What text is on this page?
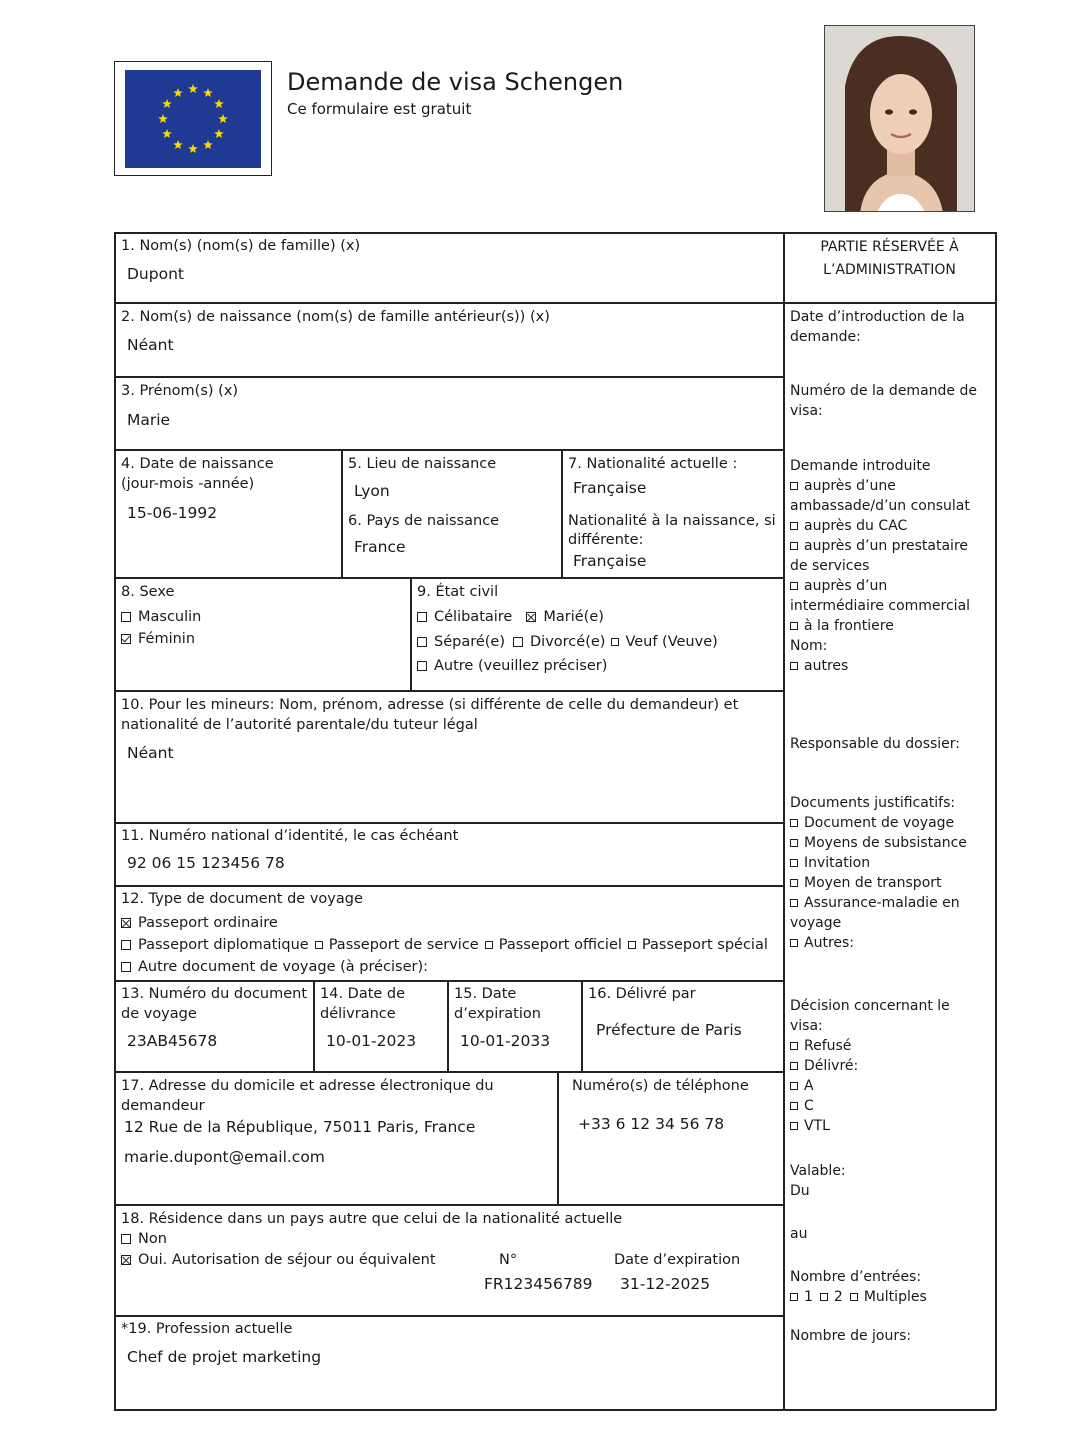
Demande de visa Schengen
Ce formulaire est gratuit
1. Nom(s) (nom(s) de famille) (x)
Dupont
2. Nom(s) de naissance (nom(s) de famille antérieur(s)) (x)
Néant
3. Prénom(s) (x)
Marie
4. Date de naissance
(jour-mois -année)
15-06-1992
5. Lieu de naissance
Lyon
6. Pays de naissance
France
7. Nationalité actuelle :
Française
Nationalité à la naissance, si
différente:
Française
8. Sexe
Masculin
Féminin
9. État civil
Célibataire Marié(e)
Séparé(e) Divorcé(e) Veuf (Veuve)
Autre (veuillez préciser)
10. Pour les mineurs: Nom, prénom, adresse (si différente de celle du demandeur) et
nationalité de l’autorité parentale/du tuteur légal
Néant
11. Numéro national d’identité, le cas échéant
92 06 15 123456 78
12. Type de document de voyage
Passeport ordinaire
Passeport diplomatique Passeport de service Passeport officiel Passeport spécial
Autre document de voyage (à préciser):
13. Numéro du document
de voyage
23AB45678
14. Date de
délivrance
10-01-2023
15. Date
d’expiration
10-01-2033
16. Délivré par
Préfecture de Paris
17. Adresse du domicile et adresse électronique du
demandeur
12 Rue de la République, 75011 Paris, France
marie.dupont@email.com
Numéro(s) de téléphone
+33 6 12 34 56 78
18. Résidence dans un pays autre que celui de la nationalité actuelle
Non
Oui. Autorisation de séjour ou équivalent	N°
FR123456789
Date d’expiration
31-12-2025
*19. Profession actuelle
Chef de projet marketing
PARTIE RÉSERVÉE À
L’ADMINISTRATION
Date d’introduction de la
demande:
Numéro de la demande de
visa:
Demande introduite
auprès d’une
ambassade/d’un consulat
auprès du CAC
auprès d’un prestataire
de services
auprès d’un
intermédiaire commercial
à la frontiere
Nom:
autres
Responsable du dossier:
Documents justificatifs:
Document de voyage
Moyens de subsistance
Invitation
Moyen de transport
Assurance-maladie en
voyage
Autres:
Décision concernant le
visa:
Refusé
Délivré:
A
C
VTL
Valable:
Du
au
Nombre d’entrées:
1 2 Multiples
Nombre de jours:
